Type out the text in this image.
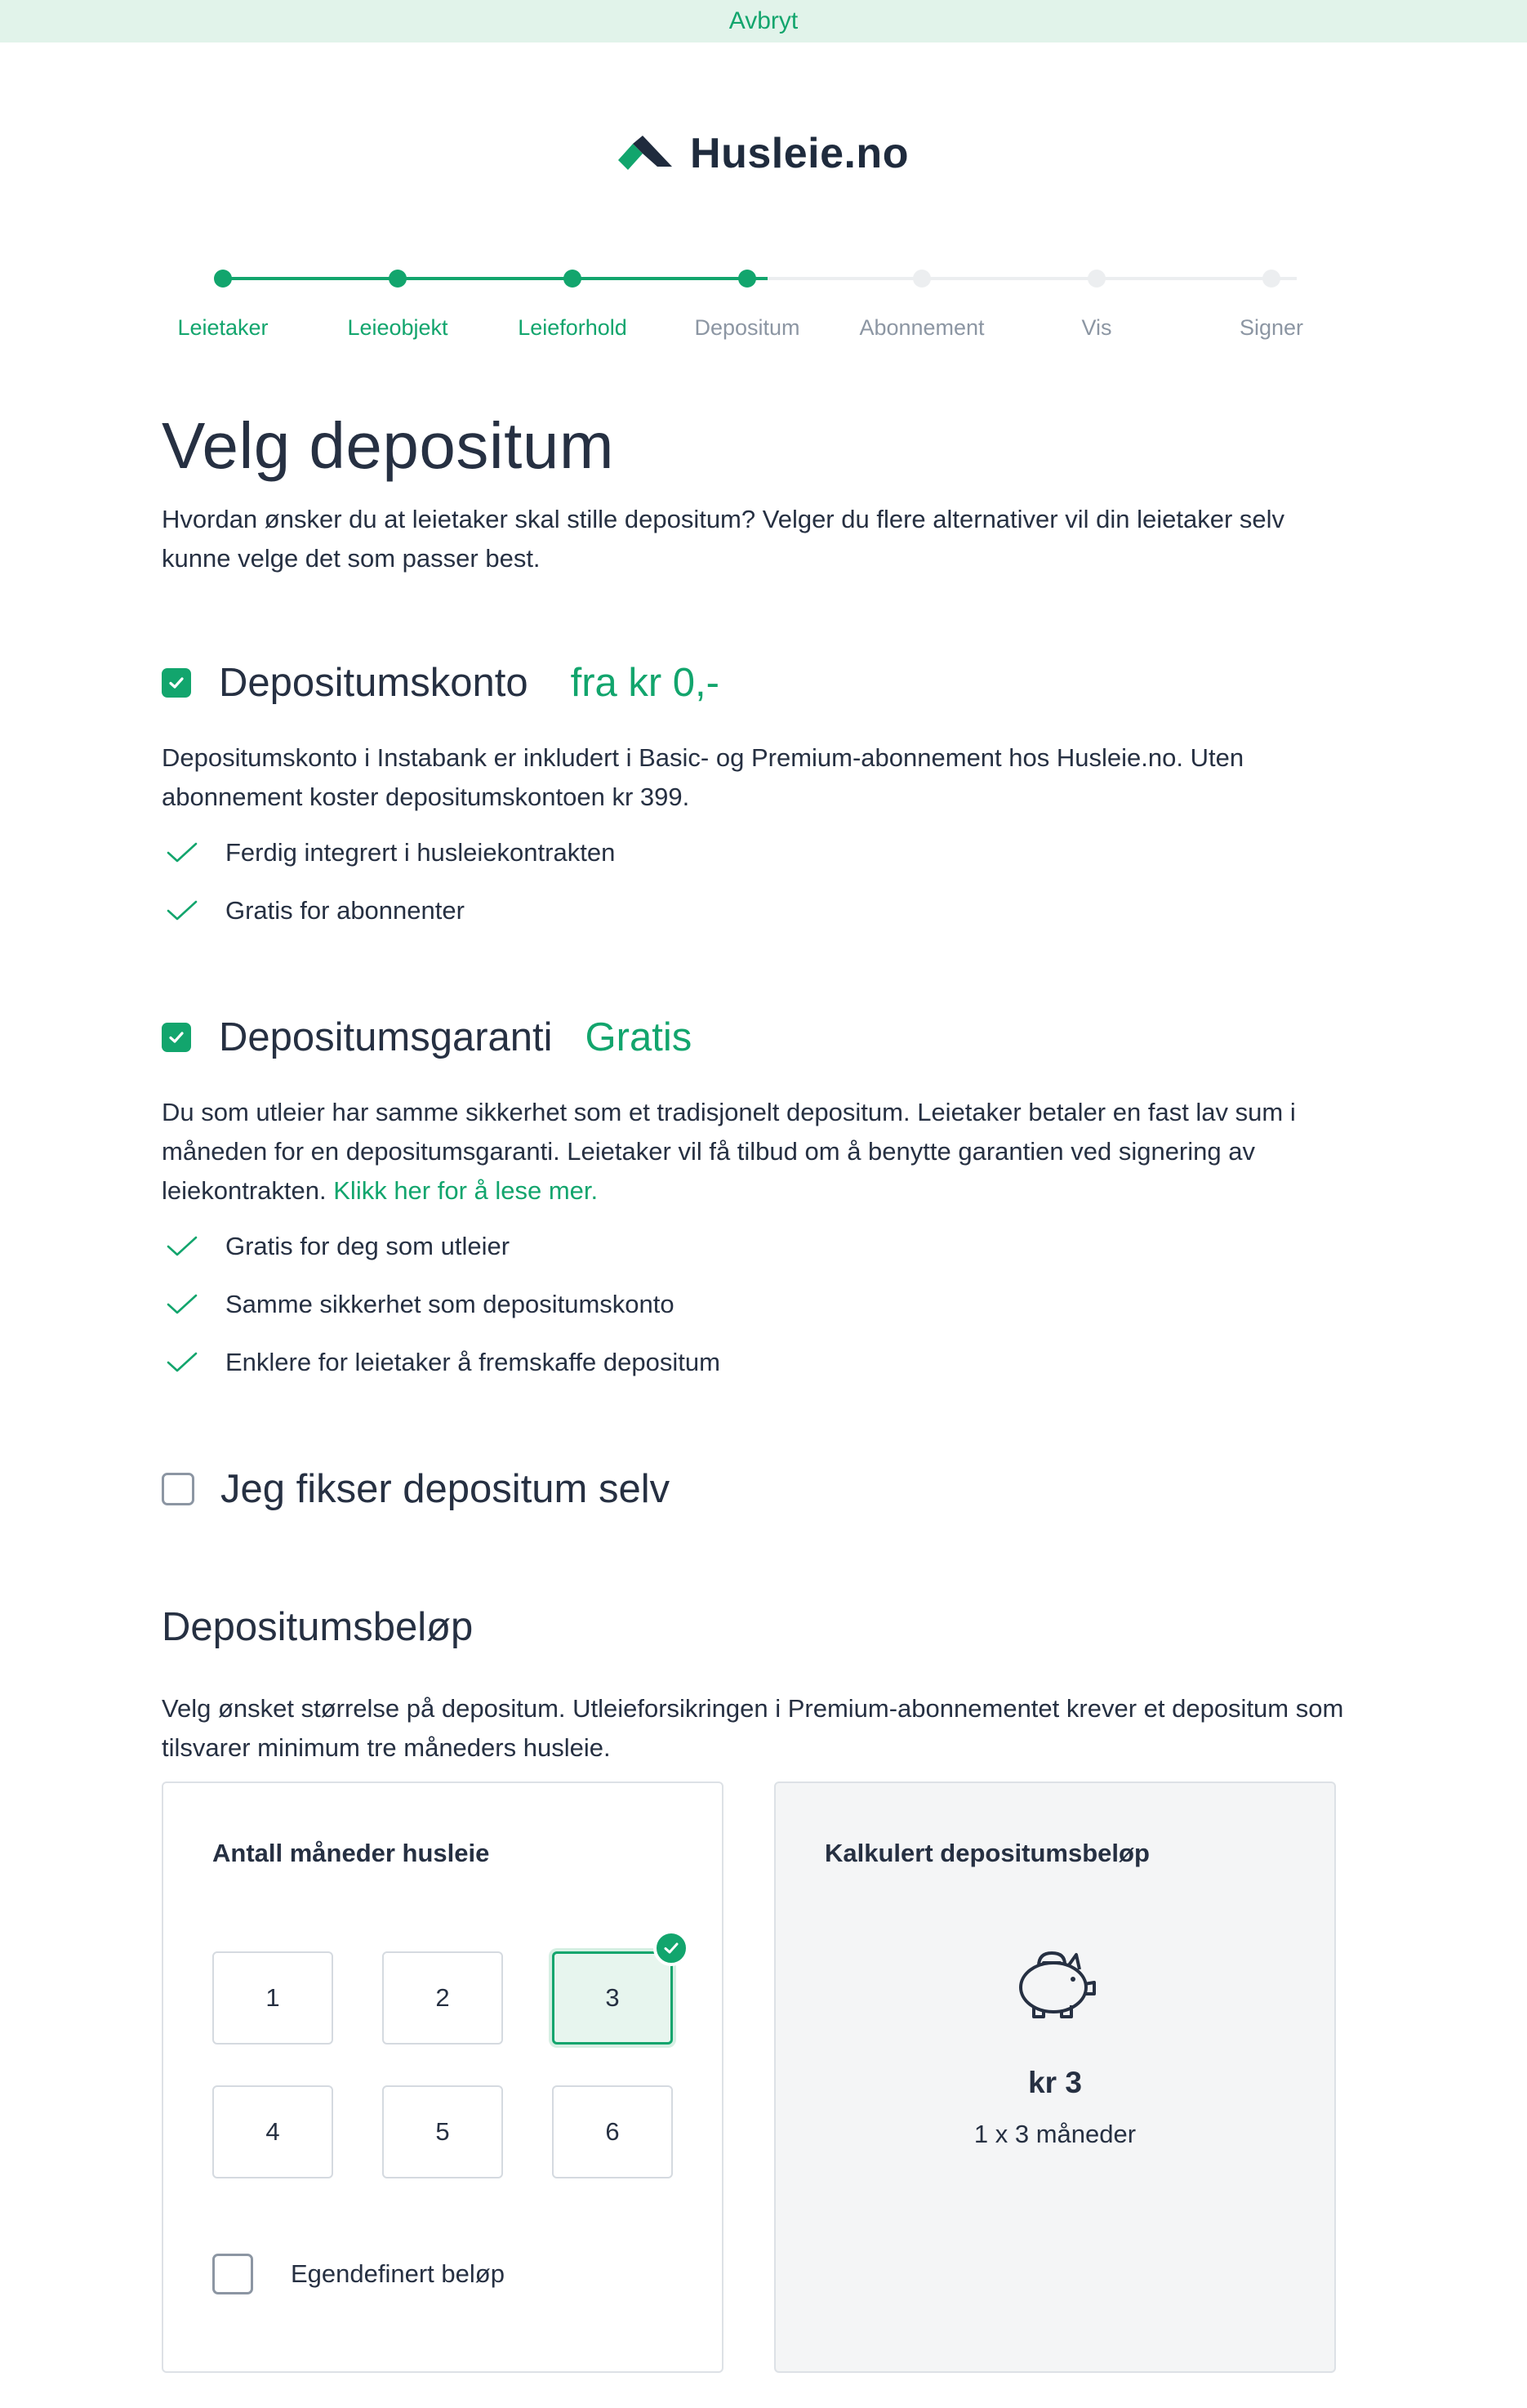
Avbryt
Husleie.no
Leietaker	Leieobjekt	Leieforhold	Depositum	Abonnement	Vis	Signer
Velg depositum

Hvordan ønsker du at leietaker skal stille depositum? Velger du flere alternativer vil din leietaker selv kunne velge det som passer best.

Depositumskonto fra kr 0,-

Depositumskonto i Instabank er inkludert i Basic- og Premium-abonnement hos Husleie.no. Uten abonnement koster depositumskontoen kr 399.

Ferdig integrert i husleiekontrakten
Gratis for abonnenter
Depositumsgaranti Gratis

Du som utleier har samme sikkerhet som et tradisjonelt depositum. Leietaker betaler en fast lav sum i måneden for en depositumsgaranti. Leietaker vil få tilbud om å benytte garantien ved signering av leiekontrakten. Klikk her for å lese mer.

Gratis for deg som utleier
Samme sikkerhet som depositumskonto
Enklere for leietaker å fremskaffe depositum
Jeg fikser depositum selv
Depositumsbeløp

Velg ønsket størrelse på depositum. Utleieforsikringen i Premium-abonnementet krever et depositum som tilsvarer minimum tre måneders husleie.

Antall måneder husleie
1	2	3
4	5	6
Egendefinert beløp
Kalkulert depositumsbeløp
kr 3
1 x 3 måneder
